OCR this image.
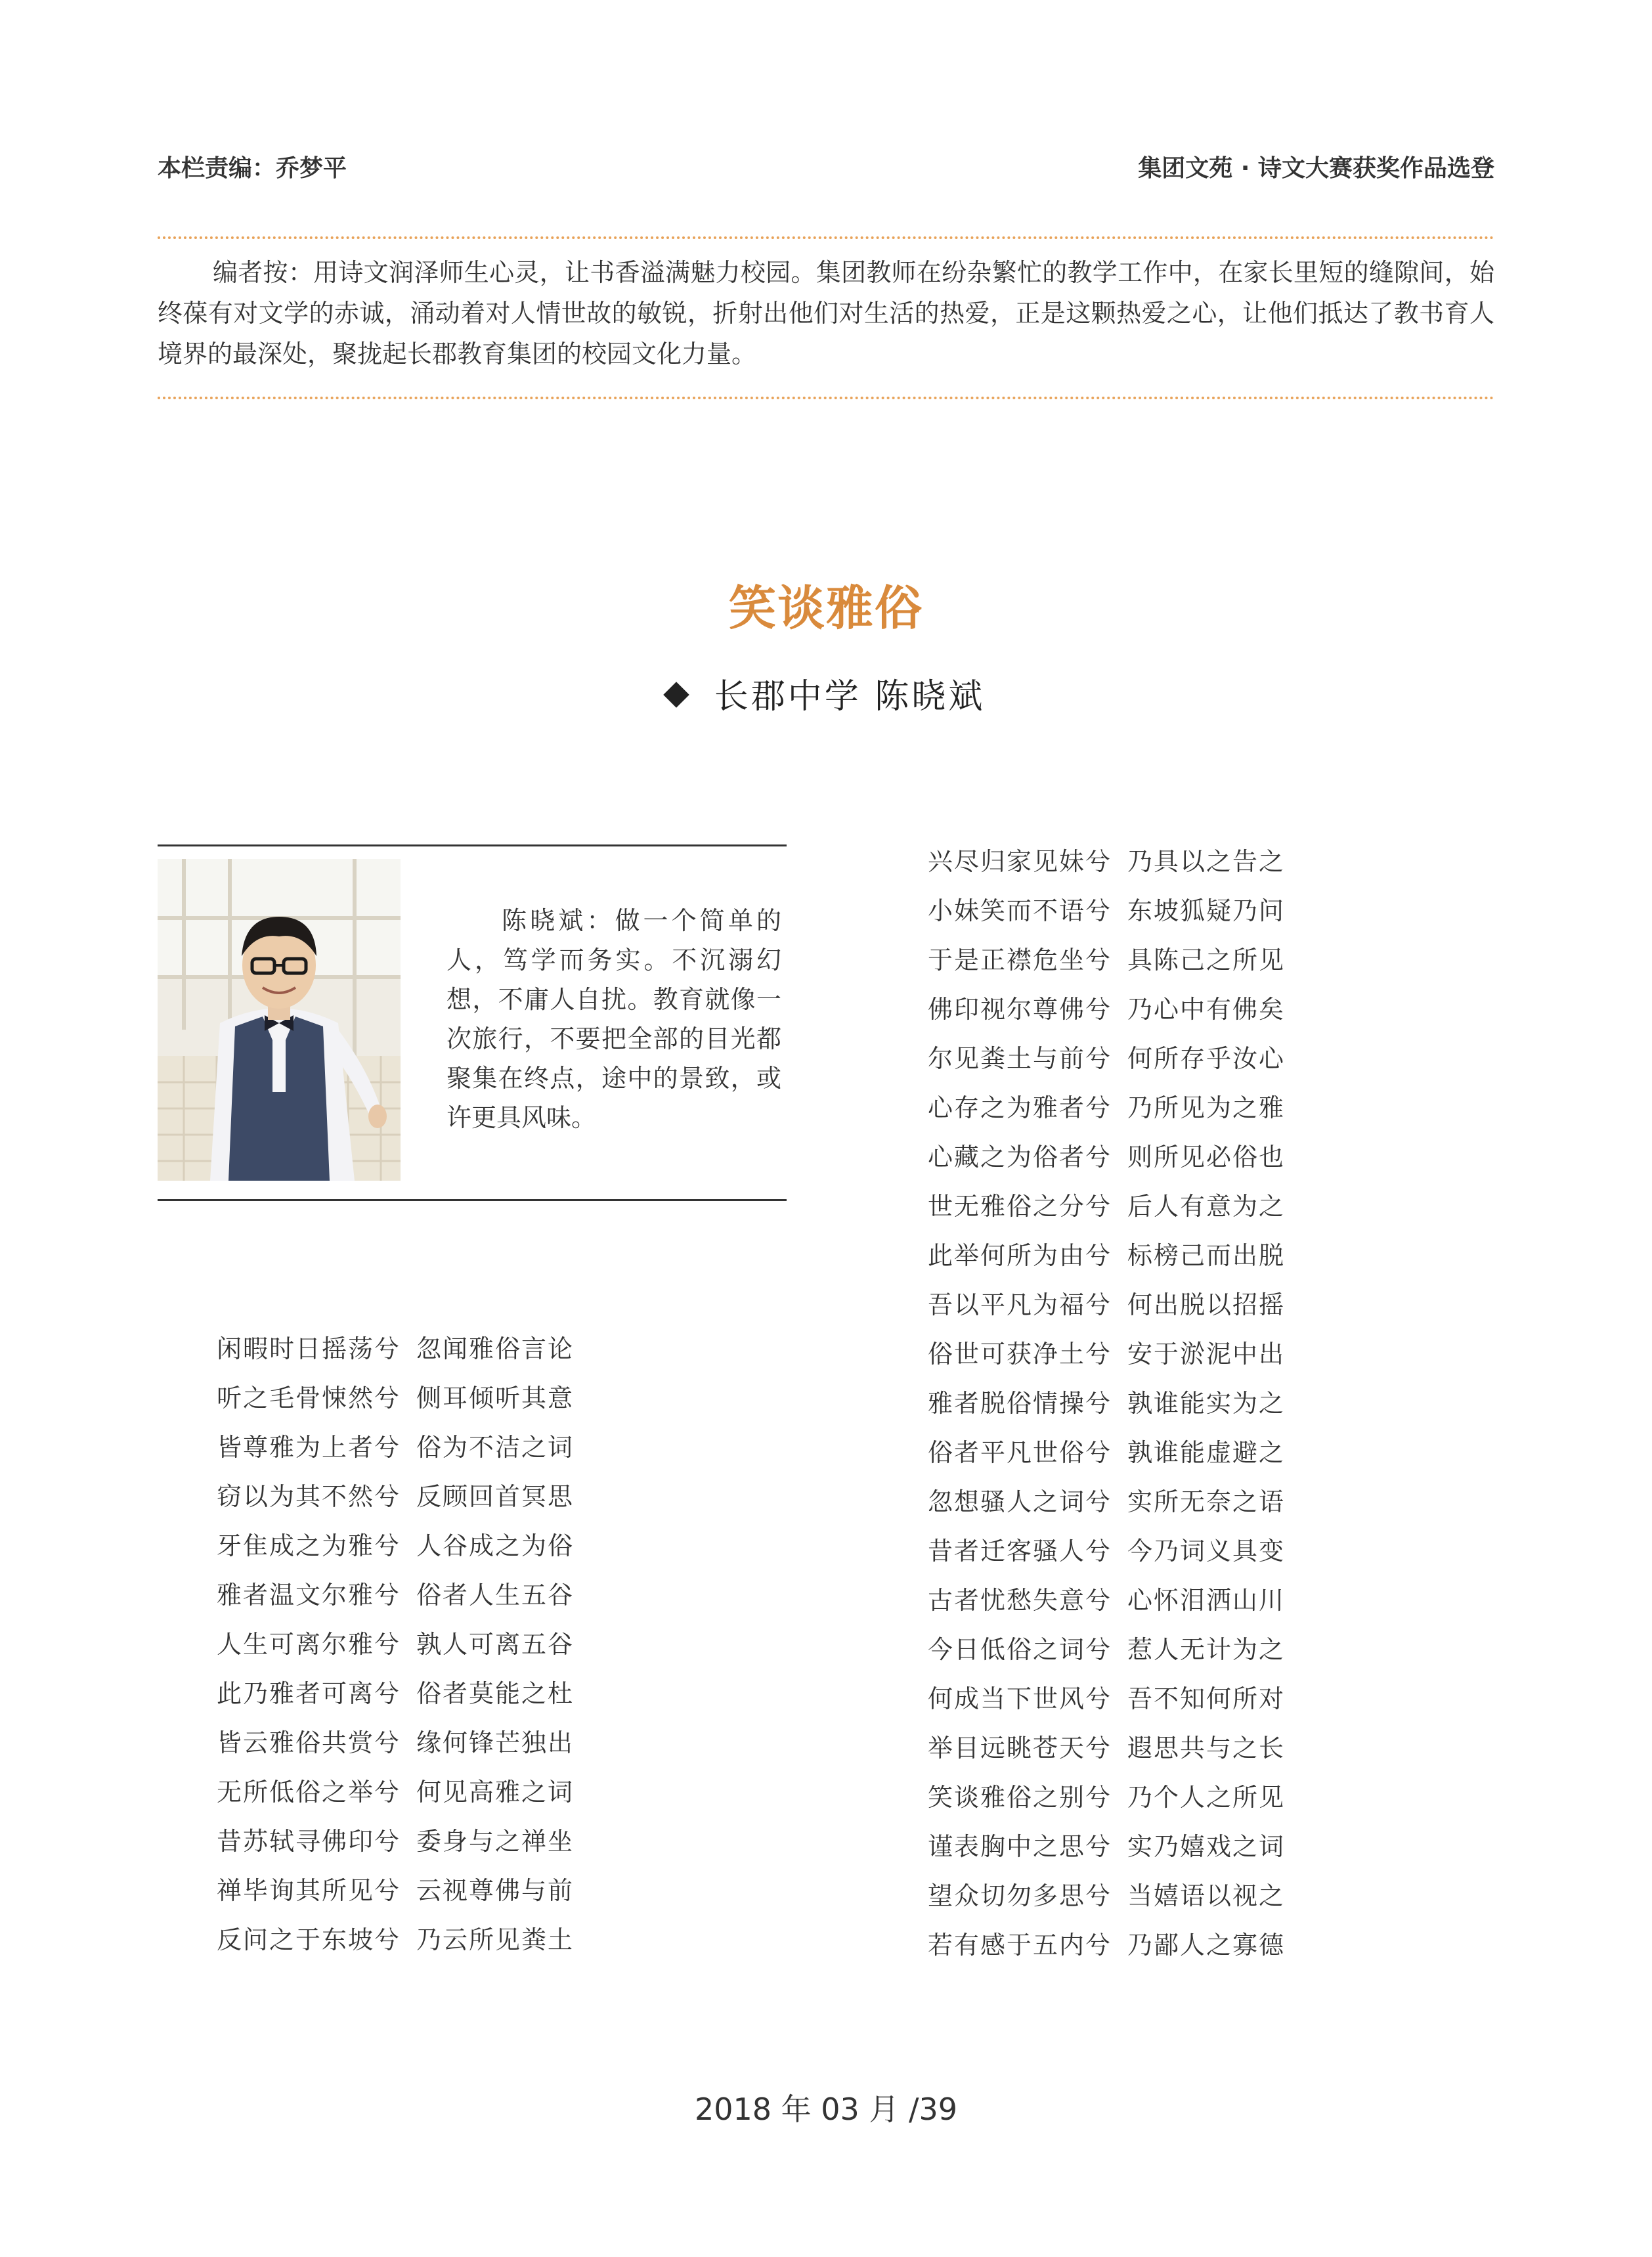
本栏责编：乔梦平	集团文苑 · 诗文大赛获奖作品选登
编者按：用诗文润泽师生心灵，让书香溢满魅力校园。集团教师在纷杂繁忙的教学工作中，在家长里短的缝隙间，始终葆有对文学的赤诚，涌动着对人情世故的敏锐，折射出他们对生活的热爱，正是这颗热爱之心，让他们抵达了教书育人境界的最深处，聚拢起长郡教育集团的校园文化力量。
笑谈雅俗
长郡中学 陈晓斌
陈晓斌：做一个简单的人，笃学而务实。不沉溺幻想，不庸人自扰。教育就像一次旅行，不要把全部的目光都聚集在终点，途中的景致，或许更具风味。
闲暇时日摇荡兮 忽闻雅俗言论
听之毛骨悚然兮 侧耳倾听其意
皆尊雅为上者兮 俗为不洁之词
窃以为其不然兮 反顾回首冥思
牙隹成之为雅兮 人谷成之为俗
雅者温文尔雅兮 俗者人生五谷
人生可离尔雅兮 孰人可离五谷
此乃雅者可离兮 俗者莫能之杜
皆云雅俗共赏兮 缘何锋芒独出
无所低俗之举兮 何见高雅之词
昔苏轼寻佛印兮 委身与之禅坐
禅毕询其所见兮 云视尊佛与前
反问之于东坡兮 乃云所见粪土
兴尽归家见妹兮 乃具以之告之
小妹笑而不语兮 东坡狐疑乃问
于是正襟危坐兮 具陈己之所见
佛印视尔尊佛兮 乃心中有佛矣
尔见粪土与前兮 何所存乎汝心
心存之为雅者兮 乃所见为之雅
心藏之为俗者兮 则所见必俗也
世无雅俗之分兮 后人有意为之
此举何所为由兮 标榜己而出脱
吾以平凡为福兮 何出脱以招摇
俗世可获净土兮 安于淤泥中出
雅者脱俗情操兮 孰谁能实为之
俗者平凡世俗兮 孰谁能虚避之
忽想骚人之词兮 实所无奈之语
昔者迁客骚人兮 今乃词义具变
古者忧愁失意兮 心怀泪洒山川
今日低俗之词兮 惹人无计为之
何成当下世风兮 吾不知何所对
举目远眺苍天兮 遐思共与之长
笑谈雅俗之别兮 乃个人之所见
谨表胸中之思兮 实乃嬉戏之词
望众切勿多思兮 当嬉语以视之
若有感于五内兮 乃鄙人之寡德
2018 年 03 月 /39
